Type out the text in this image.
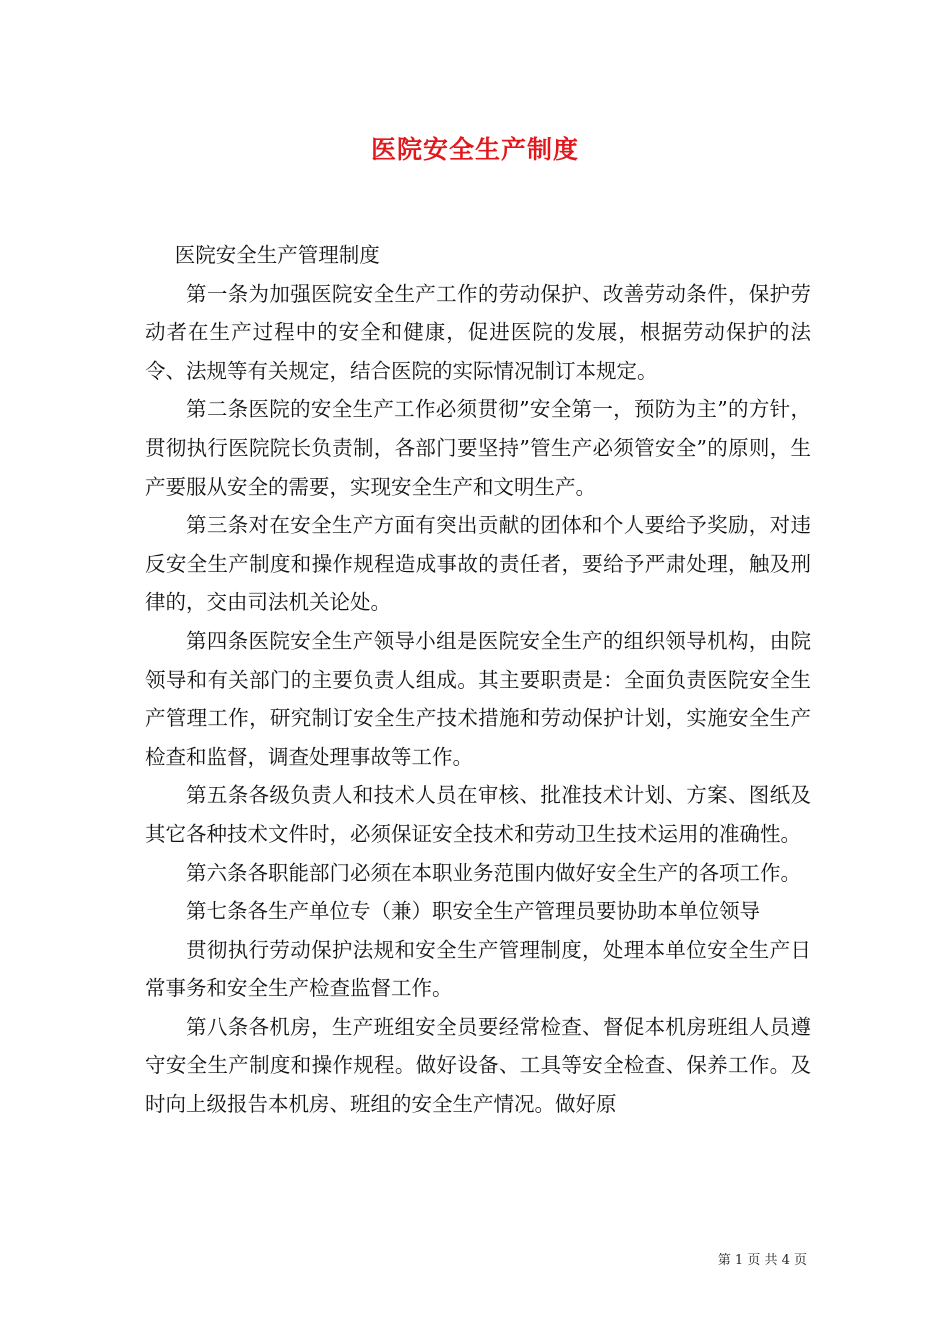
医院安全生产制度

医院安全生产管理制度

第一条为加强医院安全生产工作的劳动保护、改善劳动条件，保护劳动者在生产过程中的安全和健康，促进医院的发展，根据劳动保护的法令、法规等有关规定，结合医院的实际情况制订本规定。

第二条医院的安全生产工作必须贯彻”安全第一，预防为主”的方针，贯彻执行医院院长负责制，各部门要坚持”管生产必须管安全”的原则，生产要服从安全的需要，实现安全生产和文明生产。

第三条对在安全生产方面有突出贡献的团体和个人要给予奖励，对违反安全生产制度和操作规程造成事故的责任者，要给予严肃处理，触及刑律的，交由司法机关论处。

第四条医院安全生产领导小组是医院安全生产的组织领导机构，由院领导和有关部门的主要负责人组成。其主要职责是：全面负责医院安全生产管理工作，研究制订安全生产技术措施和劳动保护计划，实施安全生产检查和监督，调查处理事故等工作。

第五条各级负责人和技术人员在审核、批准技术计划、方案、图纸及其它各种技术文件时，必须保证安全技术和劳动卫生技术运用的准确性。

第六条各职能部门必须在本职业务范围内做好安全生产的各项工作。

第七条各生产单位专（兼）职安全生产管理员要协助本单位领导

贯彻执行劳动保护法规和安全生产管理制度，处理本单位安全生产日常事务和安全生产检查监督工作。

第八条各机房，生产班组安全员要经常检查、督促本机房班组人员遵守安全生产制度和操作规程。做好设备、工具等安全检查、保养工作。及时向上级报告本机房、班组的安全生产情况。做好原

第 1 页 共 4 页
